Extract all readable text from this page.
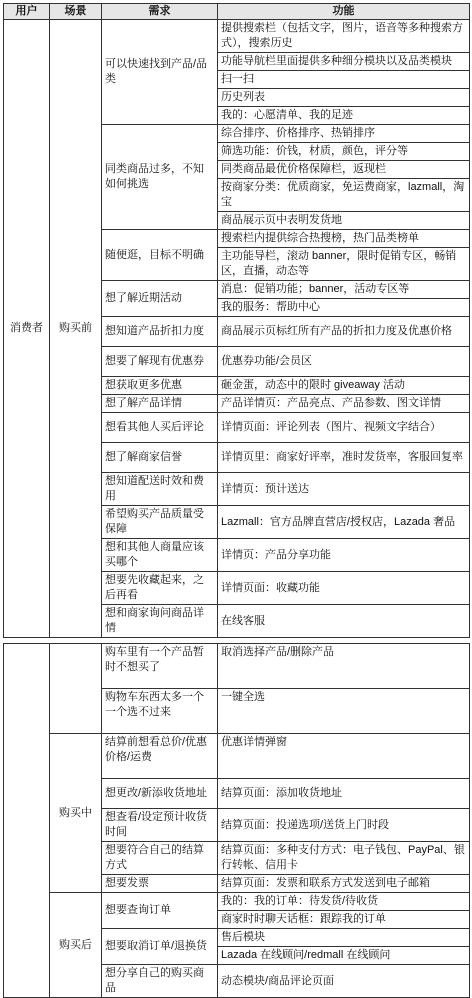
用户	场景	需求	功能
消费者	购买前	可以快速找到产品/品类	提供搜索栏（包括文字，图片，语音等多种搜索方式），搜索历史
			功能导航栏里面提供多种细分模块以及品类模块
			扫一扫
			历史列表
			我的：心愿清单、我的足迹
		同类商品过多，不知如何挑选	综合排序、价格排序、热销排序
			筛选功能：价钱，材质，颜色，评分等
			同类商品最优价格保障栏，返现栏
			按商家分类：优质商家，免运费商家，lazmall，淘宝
			商品展示页中表明发货地
		随便逛，目标不明确	搜索栏内提供综合热搜榜，热门品类榜单
			主功能导栏，滚动 banner，限时促销专区，畅销区，直播，动态等
		想了解近期活动	消息：促销功能；banner，活动专区等
			我的服务：帮助中心
		想知道产品折扣力度	商品展示页标红所有产品的折扣力度及优惠价格
		想要了解现有优惠券	优惠券功能/会员区
		想获取更多优惠	砸金蛋，动态中的限时 giveaway 活动
		想了解产品详情	产品详情页：产品亮点、产品参数、图文详情
		想看其他人买后评论	详情页面：评论列表（图片、视频文字结合）
		想了解商家信誉	详情页里：商家好评率，准时发货率，客服回复率
		想知道配送时效和费用	详情页：预计送达
		希望购买产品质量受保障	Lazmall：官方品牌直营店/授权店，Lazada 奢品
		想和其他人商量应该买哪个	详情页：产品分享功能
		想要先收藏起来，之后再看	详情页面：收藏功能
		想和商家询问商品详情	在线客服
		购车里有一个产品暂时不想买了	取消选择产品/删除产品
		购物车东西太多一个一个选不过来	一键全选
	购买中	结算前想看总价/优惠价格/运费	优惠详情弹窗
		想更改/新添收货地址	结算页面：添加收货地址
		想查看/设定预计收货时间	结算页面：投递选项/送货上门时段
		想要符合自己的结算方式	结算页面：多种支付方式：电子钱包、PayPal、银行转帐、信用卡
		想要发票	结算页面：发票和联系方式发送到电子邮箱
	购买后	想要查询订单	我的：我的订单：待发货/待收货
			商家时时聊天话框：跟踪我的订单
		想要取消订单/退换货	售后模块
			Lazada 在线顾问/redmall 在线顾问
		想分享自己的购买商品	动态模块/商品评论页面
